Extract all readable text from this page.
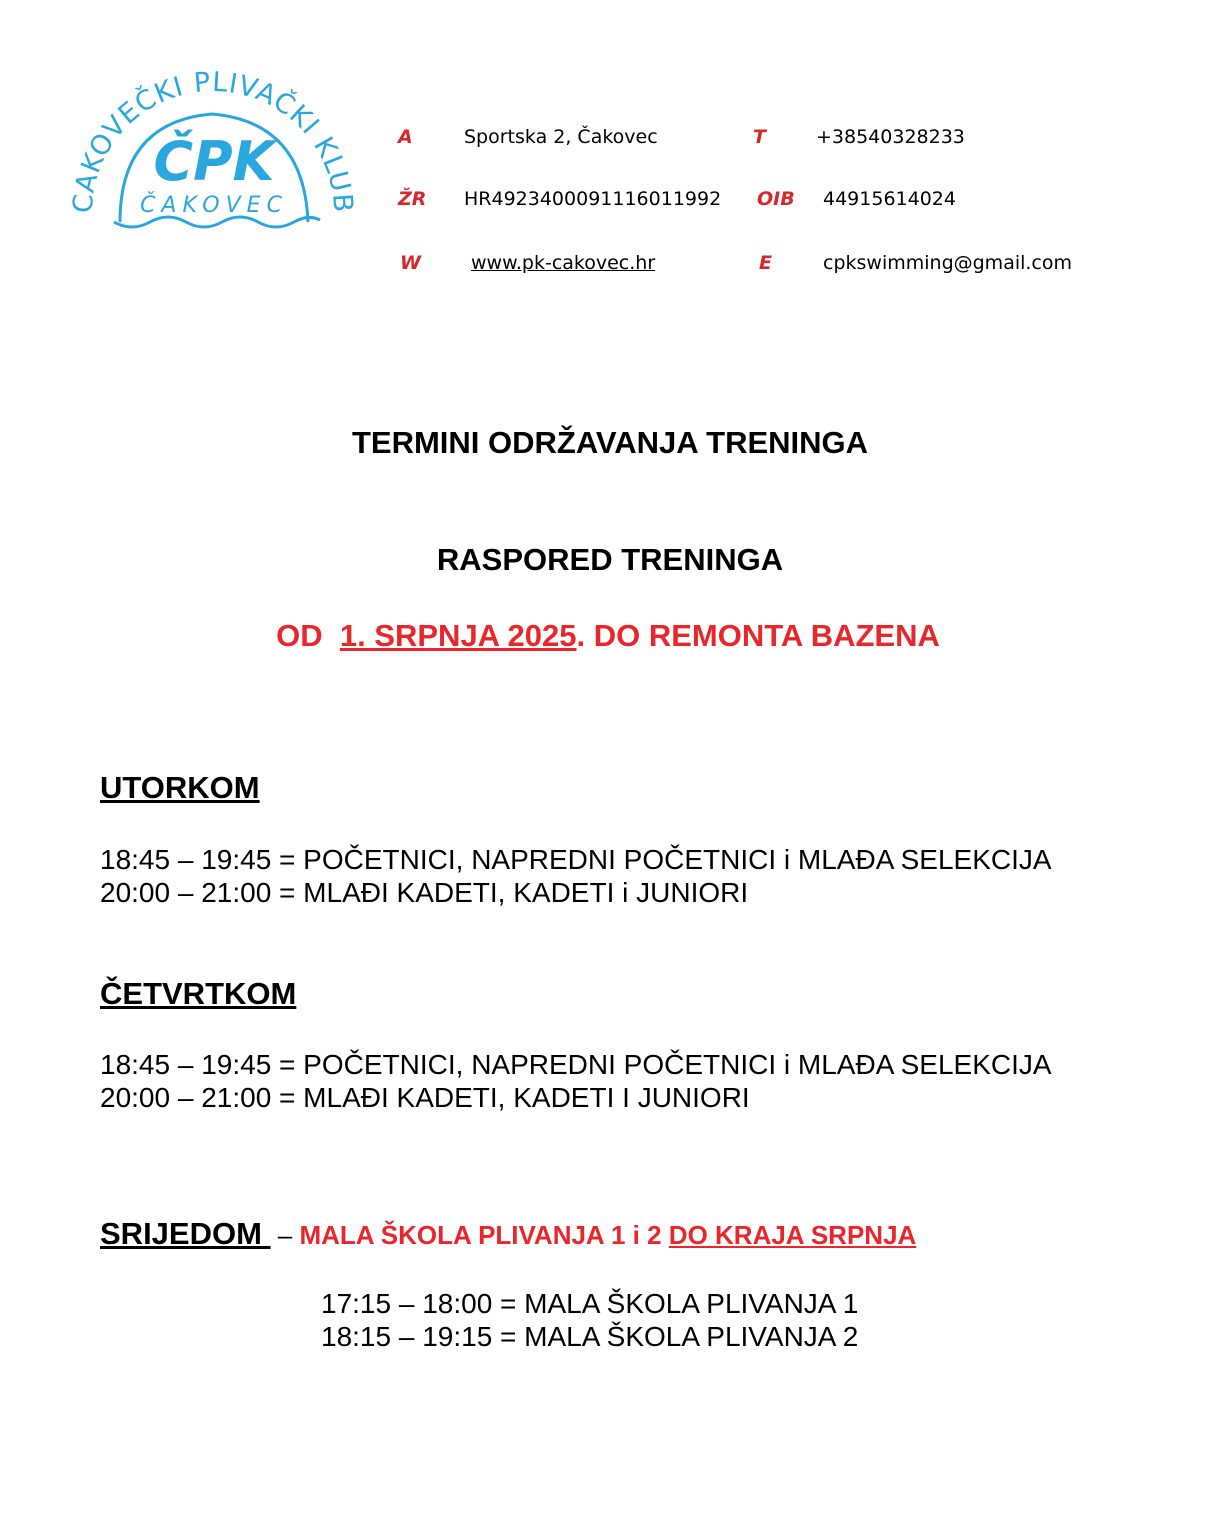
AKOVEČKI PLIVAČKI KLUB
ČPK
ČAKOVEC
A	Sportska 2, Čakovec	T	+38540328233
ŽR HR4923400091116011992 OIB 44915614024
W	www.pk-cakovec.hr	E	cpkswimming@gmail.com
TERMINI ODRŽAVANJA TRENINGA
RASPORED TRENINGA
OD  1. SRPNJA 2025. DO REMONTA BAZENA
UTORKOM
18:45 – 19:45 = POČETNICI, NAPREDNI POČETNICI i MLAĐA SELEKCIJA
20:00 – 21:00 = MLAĐI KADETI, KADETI i JUNIORI
ČETVRTKOM
18:45 – 19:45 = POČETNICI, NAPREDNI POČETNICI i MLAĐA SELEKCIJA
20:00 – 21:00 = MLAĐI KADETI, KADETI I JUNIORI
SRIJEDOM  – MALA ŠKOLA PLIVANJA 1 i 2 DO KRAJA SRPNJA
17:15 – 18:00 = MALA ŠKOLA PLIVANJA 1
18:15 – 19:15 = MALA ŠKOLA PLIVANJA 2
